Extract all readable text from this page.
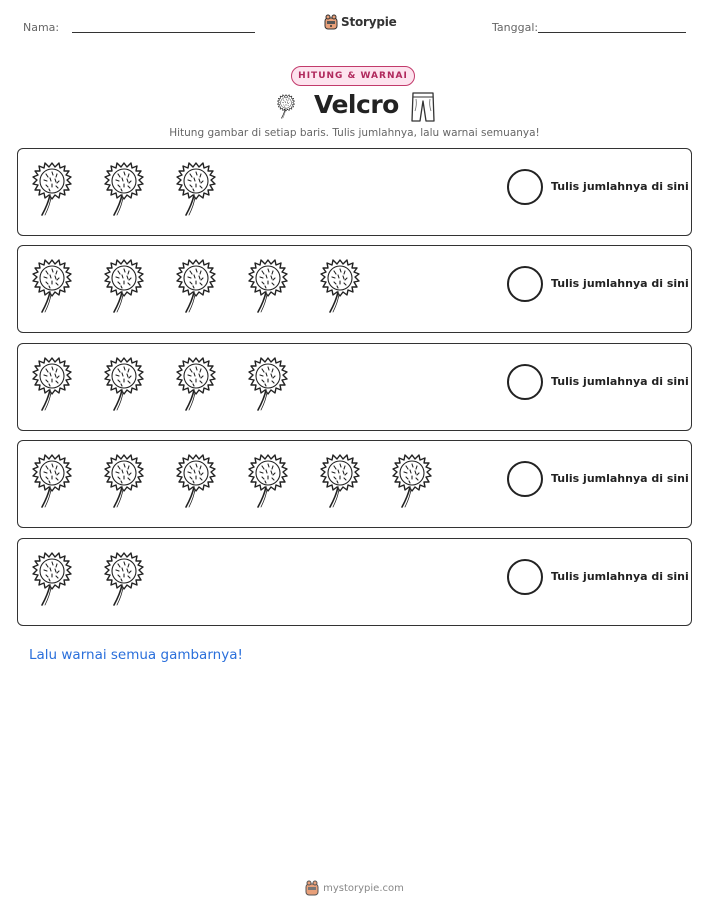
Nama:	Storypie	Tanggal:
HITUNG & WARNAI
Velcro
Hitung gambar di setiap baris. Tulis jumlahnya, lalu warnai semuanya!
Tulis jumlahnya di sini
Tulis jumlahnya di sini
Tulis jumlahnya di sini
Tulis jumlahnya di sini
Tulis jumlahnya di sini
Lalu warnai semua gambarnya!
mystorypie.com
